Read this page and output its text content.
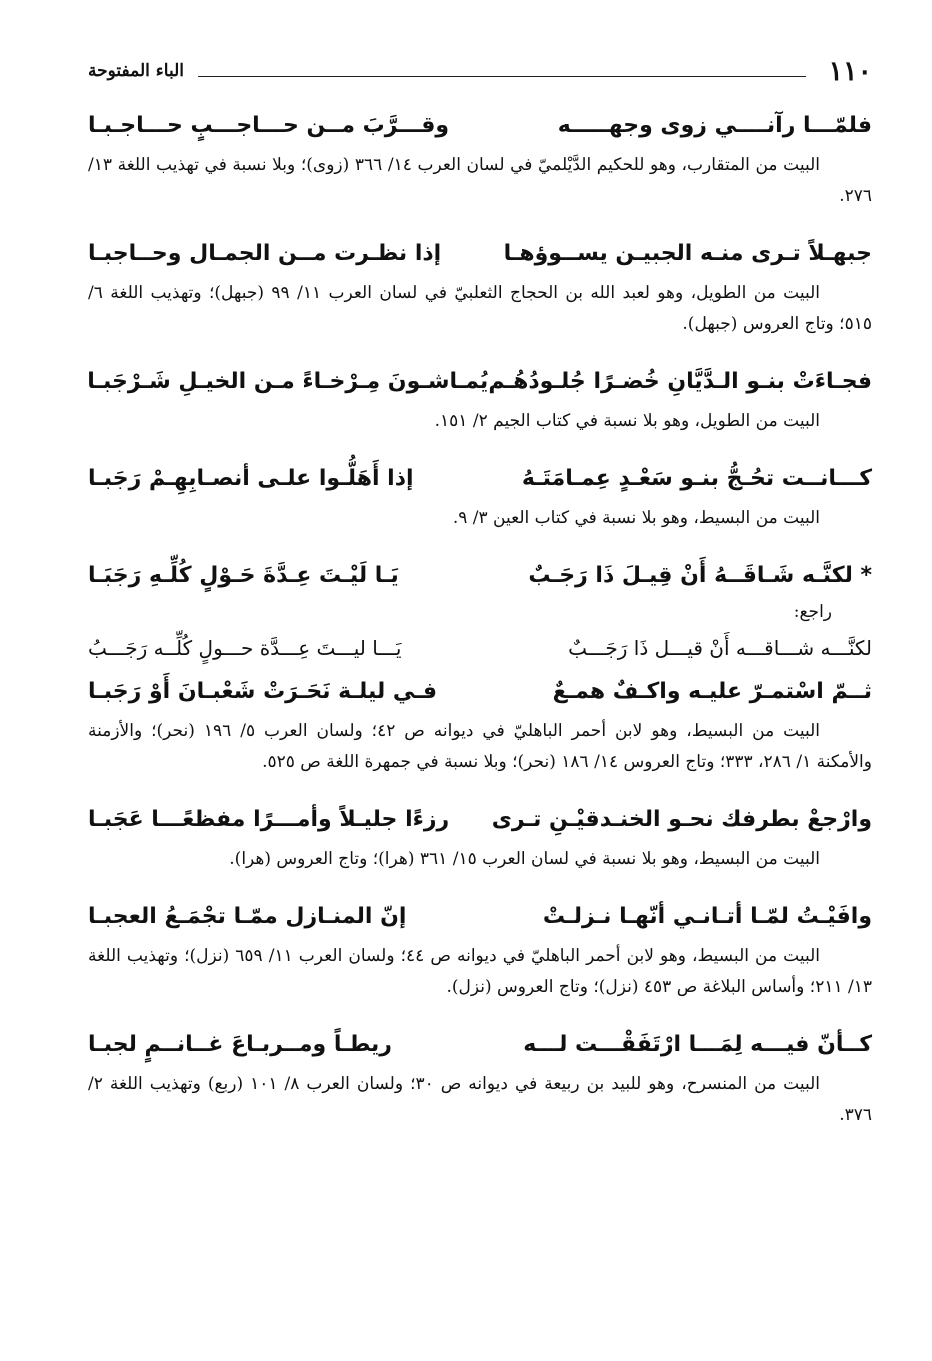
١١٠
الباء المفتوحة
فلمّـــا رآنــــي زوى وجهـــــه
وقـــرَّبَ مــن حـــاجـــبٍ حـــاجـبـا

البيت من المتقارب، وهو للحكيم الدَّيْلميّ في لسان العرب ١٤/ ٣٦٦ (زوى)؛ وبلا نسبة في تهذيب اللغة ١٣/ ٢٧٦.

جبهـلاً تـرى منـه الجبيـن يســوؤهـا
إذا نظـرت مــن الجمـال وحــاجبـا

البيت من الطويل، وهو لعبد الله بن الحجاج الثعلبيّ في لسان العرب ١١/ ٩٩ (جبهل)؛ وتهذيب اللغة ٦/ ٥١٥؛ وتاج العروس (جبهل).

فجـاءَتْ بنـو الـدَّيَّانِ خُضـرًا جُلـودُهُـم
يُمـاشـونَ مِـرْخـاءً مـن الخيـلِ شَـرْجَبـا

البيت من الطويل، وهو بلا نسبة في كتاب الجيم ٢/ ١٥١.

كـــانــت تحُـجُّ بنـو سَعْـدٍ عِمـامَتَـهُ
إذا أَهَلُّـوا علـى أنصـابِهِـمْ رَجَبـا

البيت من البسيط، وهو بلا نسبة في كتاب العين ٣/ ٩.

* لكنَّـه شَـاقَــهُ أَنْ قِيـلَ ذَا رَجَـبٌ
يَـا لَيْـتَ عِـدَّةَ حَـوْلٍ كُلِّـهِ رَجَبَـا
راجع:
لكنَّـــه شـــاقـــه أَنْ قيـــل ذَا رَجَـــبٌ
يَـــا ليـــتَ عِـــدَّة حـــولٍ كُلِّــه رَجَـــبُ
ثــمّ اسْتمـرّ عليـه واكـفٌ همـعٌ
فـي ليلـة نَحَـرَتْ شَعْبـانَ أَوْ رَجَبـا

البيت من البسيط، وهو لابن أحمر الباهليّ في ديوانه ص ٤٢؛ ولسان العرب ٥/ ١٩٦ (نحر)؛ والأزمنة والأمكنة ١/ ٢٨٦، ٣٣٣؛ وتاج العروس ١٤/ ١٨٦ (نحر)؛ وبلا نسبة في جمهرة اللغة ص ٥٢٥.

وارْجعْ بطرفك نحـو الخنـدقيْـنِ تـرى
رزءًا جليـلاً وأمـــرًا مفظعًـــا عَجَبـا

البيت من البسيط، وهو بلا نسبة في لسان العرب ١٥/ ٣٦١ (هرا)؛ وتاج العروس (هرا).

وافَيْـتُ لمّـا أتـانـي أنّهـا نـزلـتْ
إنّ المنـازل ممّـا تجْمَـعُ العجبـا

البيت من البسيط، وهو لابن أحمر الباهليّ في ديوانه ص ٤٤؛ ولسان العرب ١١/ ٦٥٩ (نزل)؛ وتهذيب اللغة ١٣/ ٢١١؛ وأساس البلاغة ص ٤٥٣ (نزل)؛ وتاج العروس (نزل).

كــأنّ فيـــه لِمَـــا ارْتَفَقْـــت لـــه
ريطـاً ومــربـاعَ غــانــمٍ لجبـا

البيت من المنسرح، وهو للبيد بن ربيعة في ديوانه ص ٣٠؛ ولسان العرب ٨/ ١٠١ (ربع) وتهذيب اللغة ٢/ ٣٧٦.
